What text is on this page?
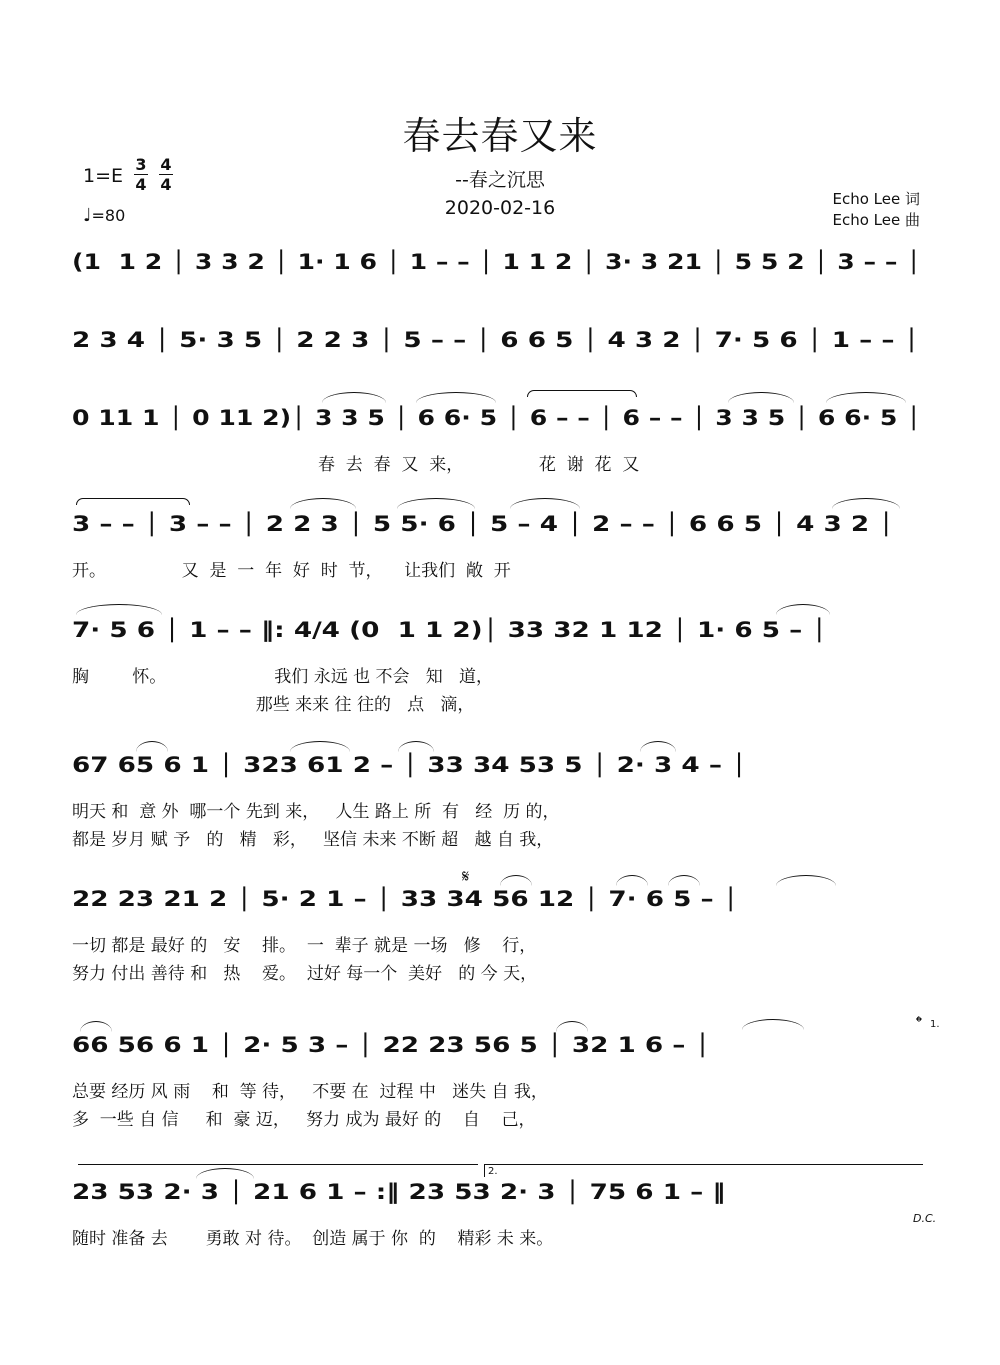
春去春又来
--春之沉思
2020-02-16
1=E
3
4
4
4
♩=80
Echo Lee 词
Echo Lee 曲
(1  1 2 │ 3 3 2 │ 1· 1 6 │ 1 – – │ 1 1 2 │ 3· 3 21 │ 5 5 2 │ 3 – – │
2 3 4 │ 5· 3 5 │ 2 2 3 │ 5 – – │ 6 6 5 │ 4 3 2 │ 7· 5 6 │ 1 – – │
0 11 1 │ 0 11 2)│ 3 3 5 │ 6 6· 5 │ 6 – – │ 6 – – │ 3 3 5 │ 6 6· 5 │
春  去  春  又  来，              花  谢  花  又
3 – – │ 3 – – │ 2 2 3 │ 5 5· 6 │ 5 – 4 │ 2 – – │ 6 6 5 │ 4 3 2 │
开。              又  是  一  年  好  时  节，    让我们  敞  开
7· 5 6 │ 1 – – ‖: 4/4 (0  1 1 2)│ 33 32 1 12 │ 1· 6 5 – │
胸        怀。                    我们 永远 也 不会   知   道，
那些 来来 往 往的   点   滴，
67 65 6 1 │ 323 61 2 – │ 33 34 53 5 │ 2· 3 4 – │
明天 和  意 外  哪一个 先到 来，   人生 路上 所  有   经  历 的，
都是 岁月 赋 予   的   精   彩，   坚信 未来 不断 超   越 自 我，
𝄋
22 23 21 2 │ 5· 2 1 – │ 33 34 56 12 │ 7· 6 5 – │
一切 都是 最好 的   安    排。  一  辈子 就是 一场   修    行，
努力 付出 善待 和   热    爱。  过好 每一个  美好   的 今 天，
𝄌 1.
66 56 6 1 │ 2· 5 3 – │ 22 23 56 5 │ 32 1 6 – │
总要 经历 风 雨    和  等 待，   不要 在  过程 中   迷失 自 我，
多  一些 自 信     和  豪 迈，   努力 成为 最好 的    自    己，
2.
23 53 2· 3 │ 21 6 1 – :‖ 23 53 2· 3 │ 75 6 1 – ‖
D.C.
随时 准备 去       勇敢 对 待。  创造 属于 你  的    精彩 未 来。
